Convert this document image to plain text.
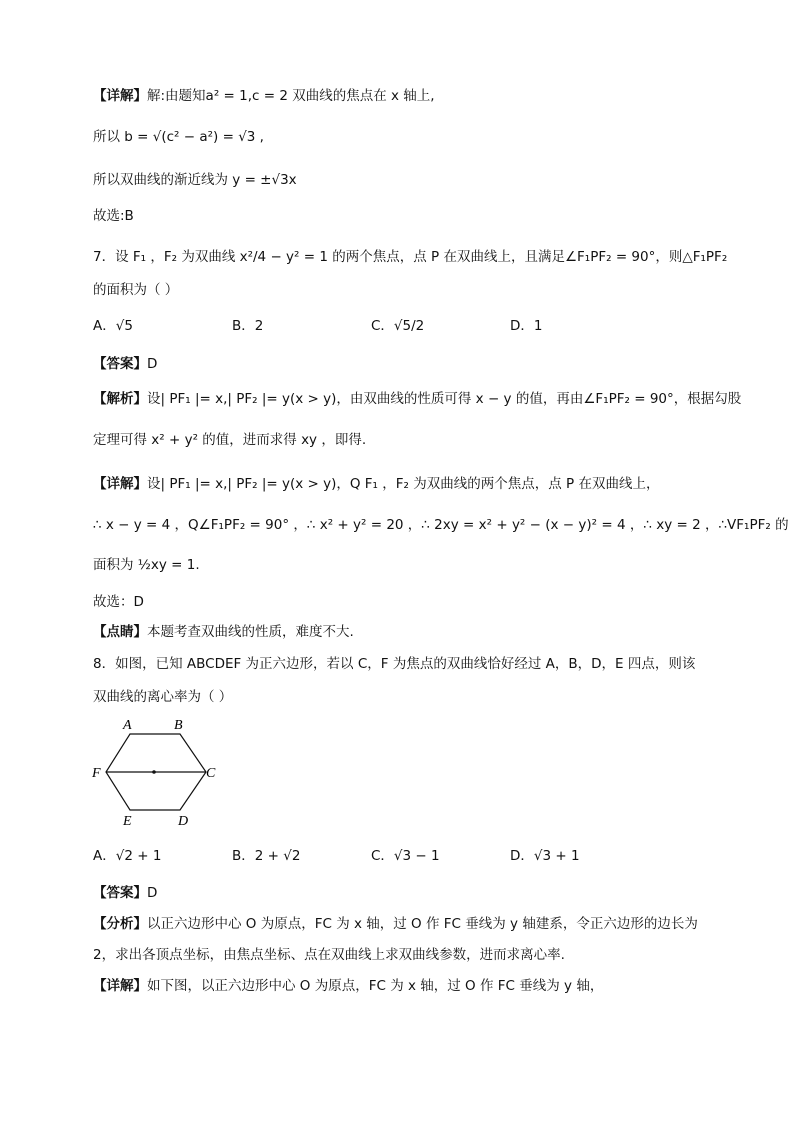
【详解】解:由题知a² = 1,c = 2 双曲线的焦点在 x 轴上,
所以 b = √(c² − a²) = √3 ,
所以双曲线的渐近线为 y = ±√3x
故选:B
7．设 F₁ ，F₂ 为双曲线 x²/4 − y² = 1 的两个焦点，点 P 在双曲线上，且满足∠F₁PF₂ = 90°，则△F₁PF₂
的面积为（ ）
A．√5	B．2	C．√5/2	D．1
【答案】D
【解析】设| PF₁ |= x,| PF₂ |= y(x > y)，由双曲线的性质可得 x − y 的值，再由∠F₁PF₂ = 90°，根据勾股
定理可得 x² + y² 的值，进而求得 xy ，即得.
【详解】设| PF₁ |= x,| PF₂ |= y(x > y)，Q F₁ ，F₂ 为双曲线的两个焦点，点 P 在双曲线上，
∴ x − y = 4 ，Q∠F₁PF₂ = 90° ，∴ x² + y² = 20 ，∴ 2xy = x² + y² − (x − y)² = 4 ，∴ xy = 2 ，∴VF₁PF₂ 的
面积为 ½xy = 1.
故选：D
【点睛】本题考查双曲线的性质，难度不大.
8．如图，已知 ABCDEF 为正六边形，若以 C，F 为焦点的双曲线恰好经过 A，B，D，E 四点，则该
双曲线的离心率为（ ）
A	B
C
D
E
F
A．√2 + 1	B．2 + √2	C．√3 − 1	D．√3 + 1
【答案】D
【分析】以正六边形中心 O 为原点，FC 为 x 轴，过 O 作 FC 垂线为 y 轴建系，令正六边形的边长为
2，求出各顶点坐标，由焦点坐标、点在双曲线上求双曲线参数，进而求离心率.
【详解】如下图，以正六边形中心 O 为原点，FC 为 x 轴，过 O 作 FC 垂线为 y 轴，
